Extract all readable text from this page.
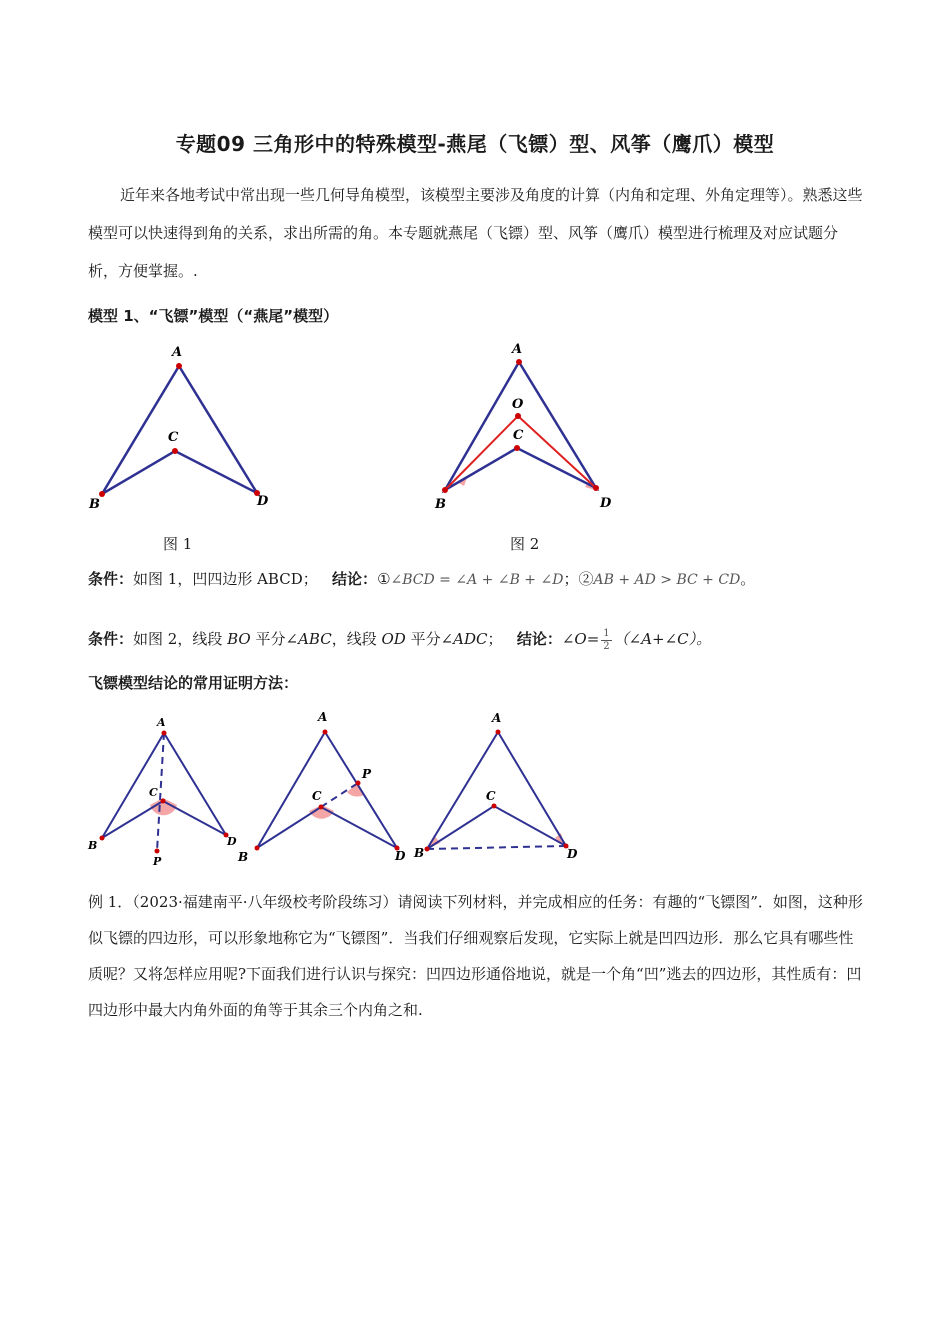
专题09 三角形中的特殊模型-燕尾（飞镖）型、风筝（鹰爪）模型
近年来各地考试中常出现一些几何导角模型，该模型主要涉及角度的计算（内角和定理、外角定理等）。熟悉这些模型可以快速得到角的关系，求出所需的角。本专题就燕尾（飞镖）型、风筝（鹰爪）模型进行梳理及对应试题分析，方便掌握。.
模型 1、“飞镖”模型（“燕尾”模型）
A
B
C
D
A
O
C
B	D
图 1	图 2
条件：如图 1，凹四边形 ABCD； 结论：①∠BCD = ∠A + ∠B + ∠D；②AB + AD > BC + CD。
条件：如图 2，线段 BO 平分∠ABC，线段 OD 平分∠ADC； 结论：∠O= $\frac{1}{2}$ （∠A+∠C）。
飞镖模型结论的常用证明方法：
A
C
B	D
P
A
C
B	D
P
A
C
B	D
例 1．（2023·福建南平·八年级校考阶段练习）请阅读下列材料，并完成相应的任务：有趣的“飞镖图”．如图，这种形似飞镖的四边形，可以形象地称它为“飞镖图”．当我们仔细观察后发现，它实际上就是凹四边形．那么它具有哪些性质呢？又将怎样应用呢?下面我们进行认识与探究：凹四边形通俗地说，就是一个角“凹”逃去的四边形，其性质有：凹四边形中最大内角外面的角等于其余三个内角之和.
